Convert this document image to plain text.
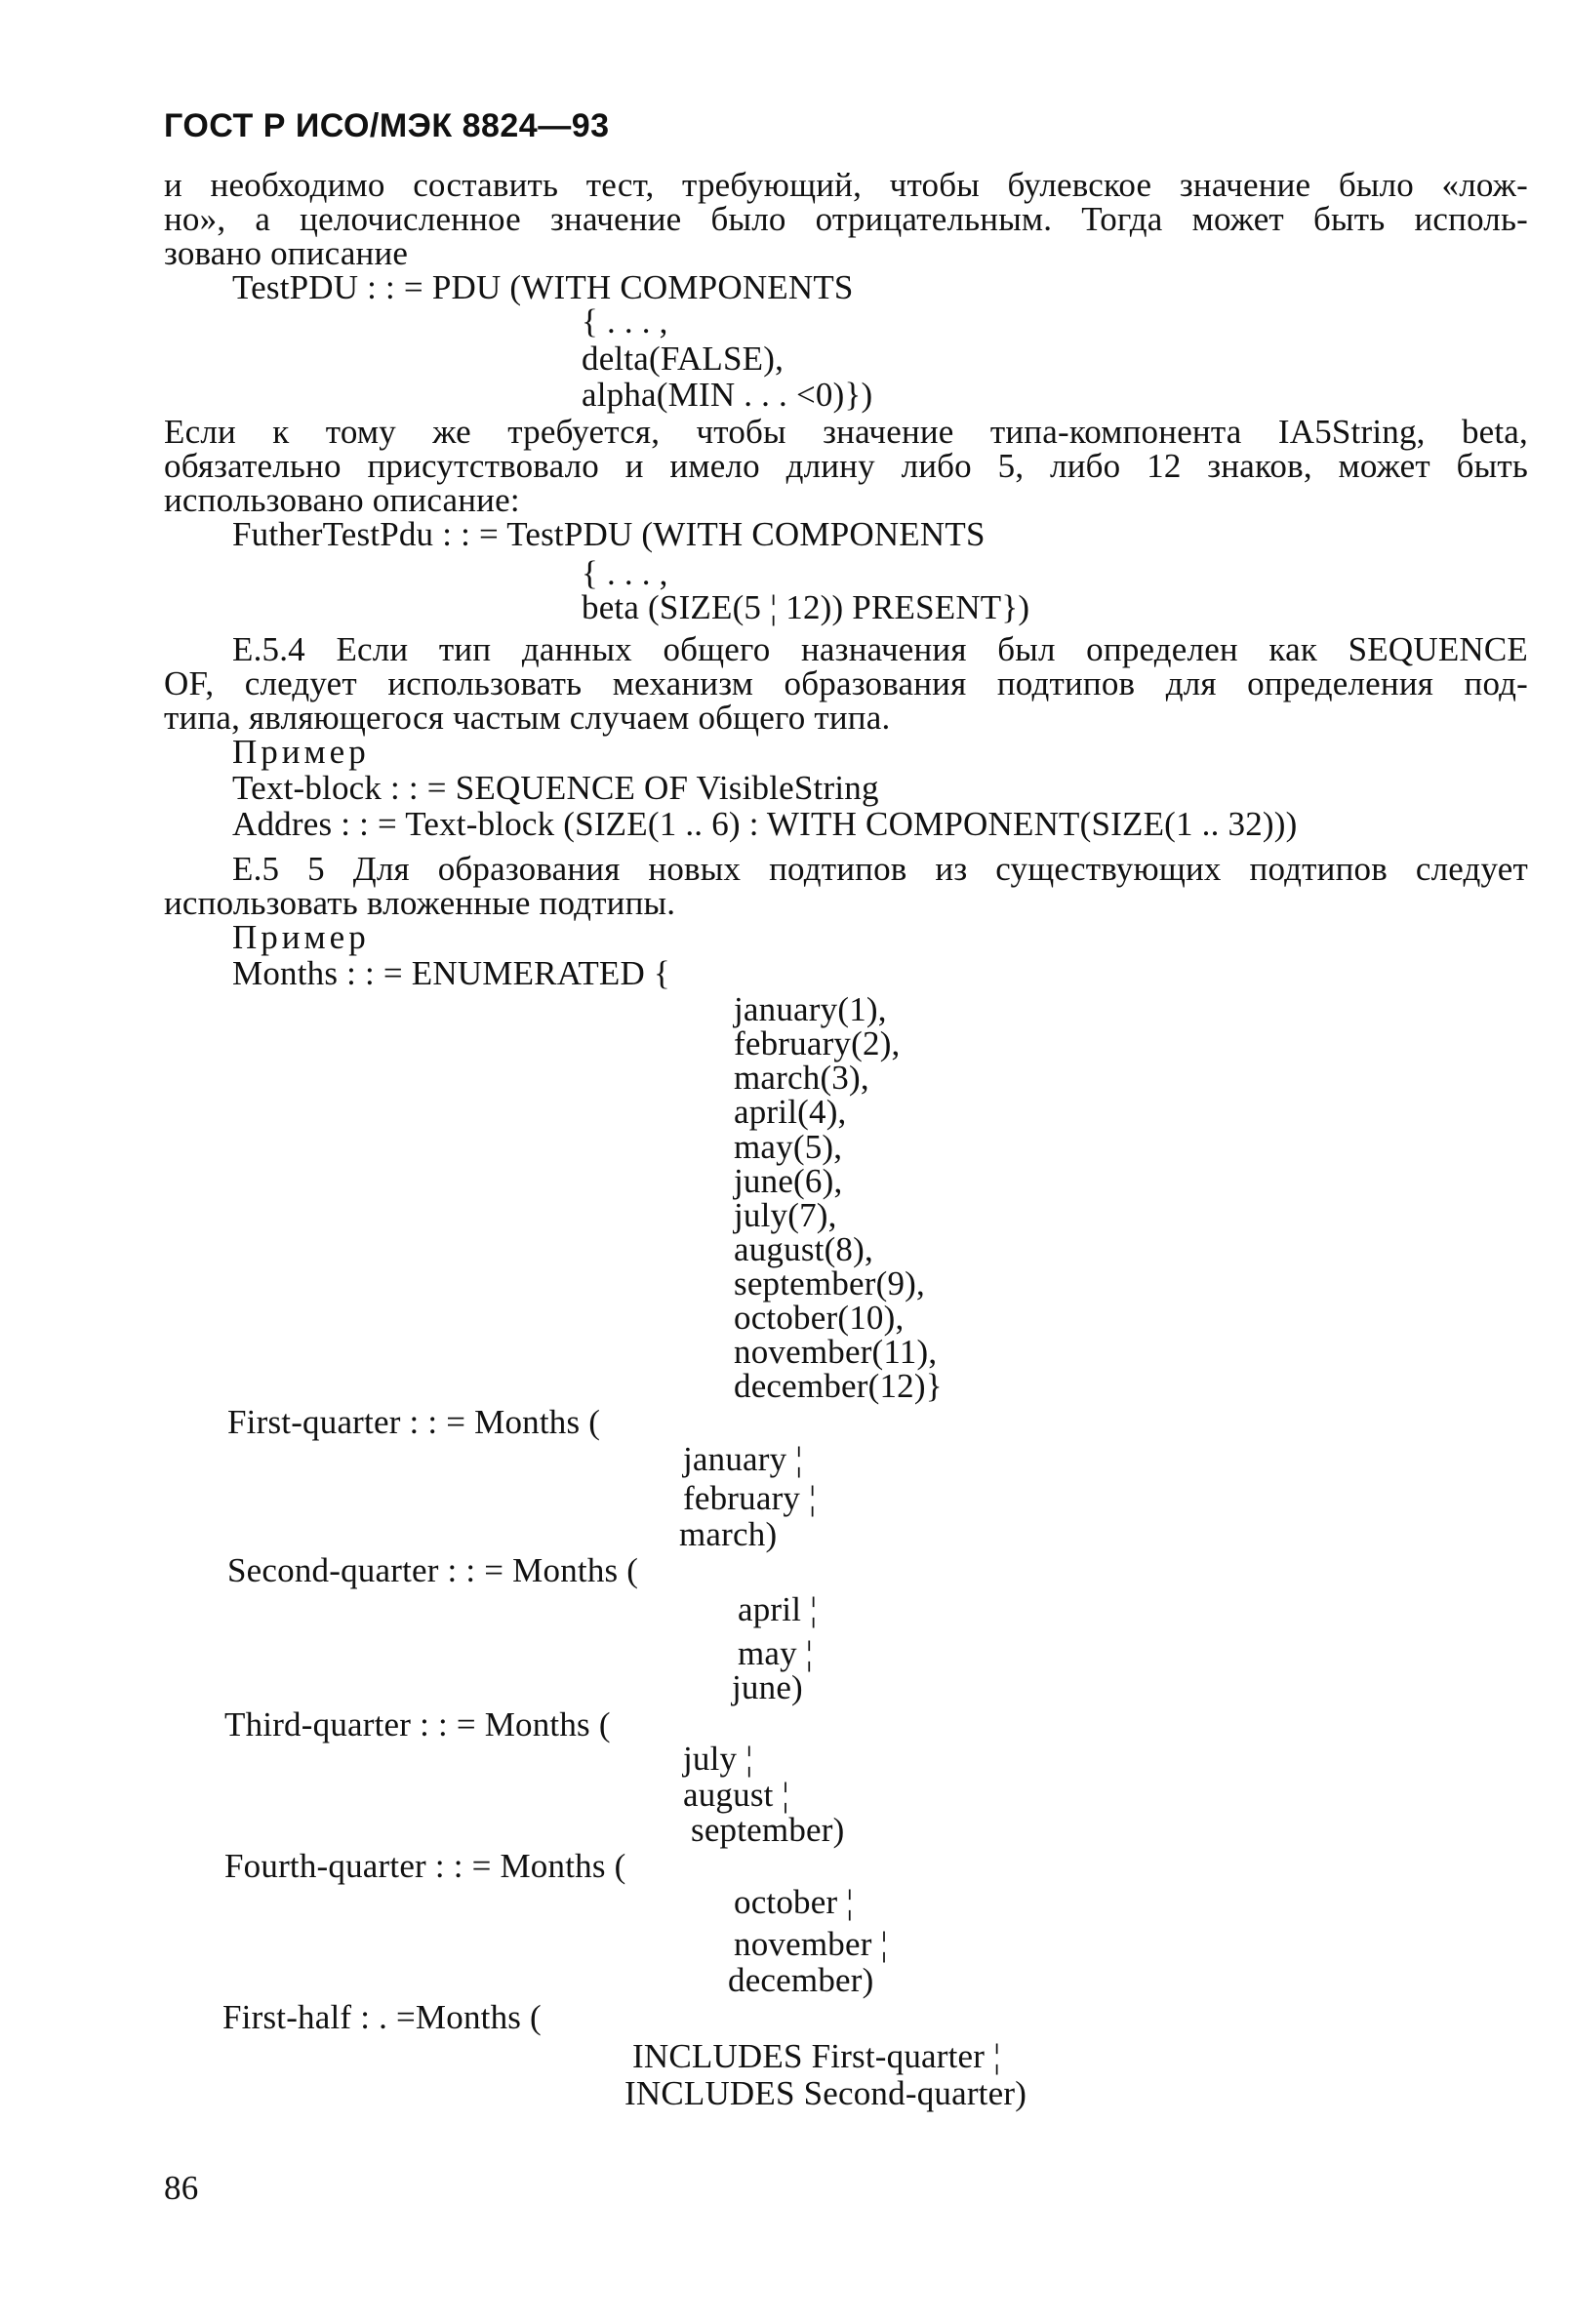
ГОСТ Р ИСО/МЭК 8824—93
и необходимо составить тест, требующий, чтобы булевское значение было «лож-
но», а целочисленное значение было отрицательным. Тогда может быть исполь-
зовано описание
TestPDU : : = PDU (WITH COMPONENTS
{ . . . ,
delta(FALSE),
alpha(MIN . . . <0)})
Если к тому же требуется, чтобы значение типа-компонента IA5String, beta,
обязательно присутствовало и имело длину либо 5, либо 12 знаков, может быть
использовано описание:
FutherTestPdu : : = TestPDU (WITH COMPONENTS
{ . . . ,
beta (SIZE(5 ¦ 12)) PRESENT})
Е.5.4 Если тип данных общего назначения был определен как SEQUENCE
OF, следует использовать механизм образования подтипов для определения под-
типа, являющегося частым случаем общего типа.
Пример
Text-block : : = SEQUENCE OF VisibleString
Addres : : = Text-block (SIZE(1 .. 6) : WITH COMPONENT(SIZE(1 .. 32)))
Е.5 5 Для образования новых подтипов из существующих подтипов следует
использовать вложенные подтипы.
Пример
Months : : = ENUMERATED {
january(1),
february(2),
march(3),
april(4),
may(5),
june(6),
july(7),
august(8),
september(9),
october(10),
november(11),
december(12)}
First-quarter : : = Months (
january ¦
february ¦
march)
Second-quarter : : = Months (
april ¦
may ¦
june)
Third-quarter : : = Months (
july ¦
august ¦
september)
Fourth-quarter : : = Months (
october ¦
november ¦
december)
First-half : . =Months (
INCLUDES First-quarter ¦
INCLUDES Second-quarter)
86
